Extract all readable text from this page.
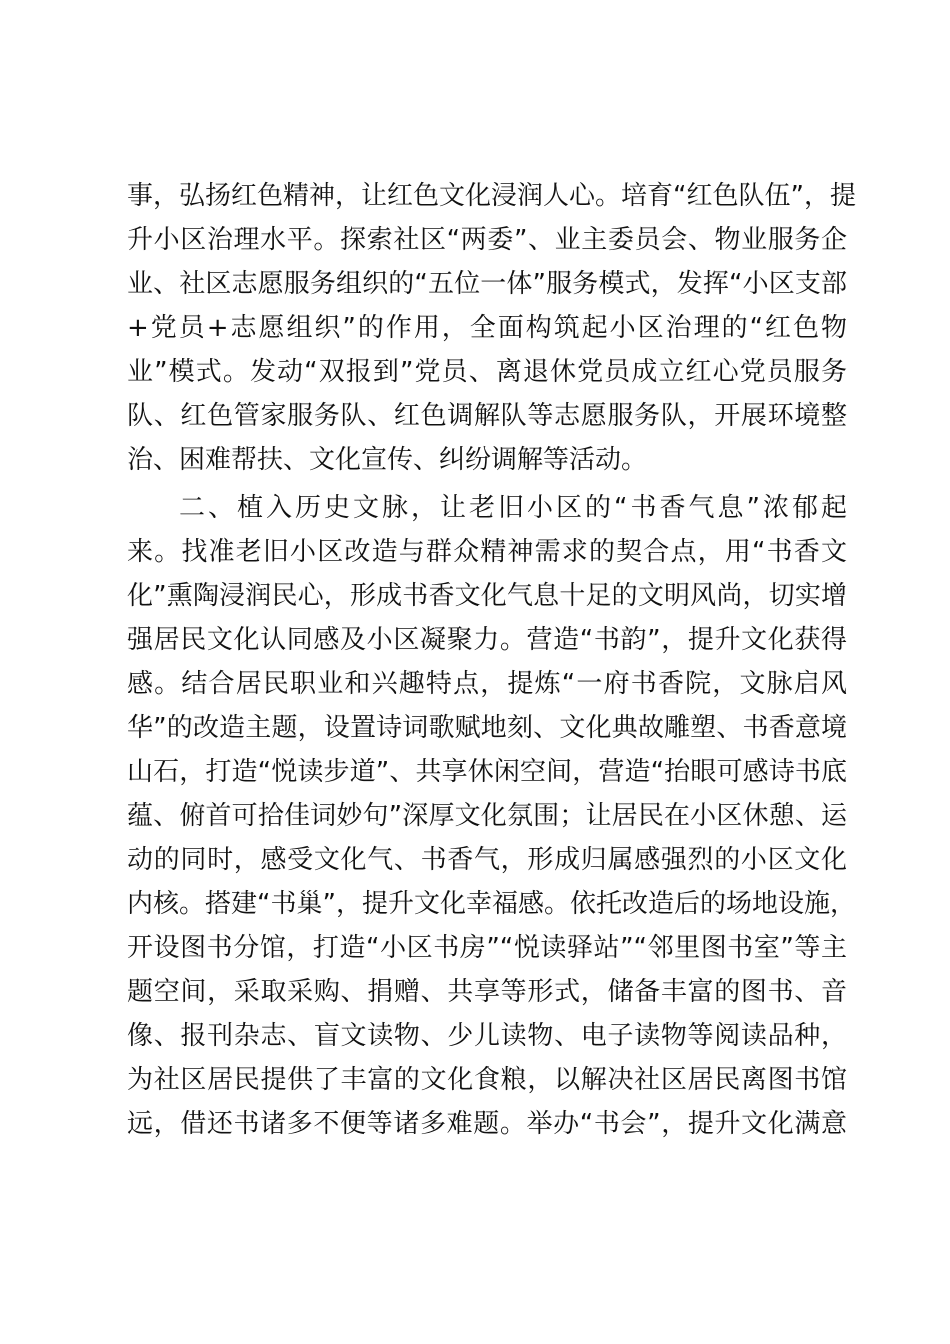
事，弘扬红色精神，让红色文化浸润人心。培育“红色队伍”，提
升小区治理水平。探索社区“两委”、业主委员会、物业服务企
业、社区志愿服务组织的“五位一体”服务模式，发挥“小区支部
+党员+志愿组织”的作用，全面构筑起小区治理的“红色物
业”模式。发动“双报到”党员、离退休党员成立红心党员服务
队、红色管家服务队、红色调解队等志愿服务队，开展环境整
治、困难帮扶、文化宣传、纠纷调解等活动。
二、植入历史文脉，让老旧小区的“书香气息”浓郁起
来。找准老旧小区改造与群众精神需求的契合点，用“书香文
化”熏陶浸润民心，形成书香文化气息十足的文明风尚，切实增
强居民文化认同感及小区凝聚力。营造“书韵”，提升文化获得
感。结合居民职业和兴趣特点，提炼“一府书香院，文脉启风
华”的改造主题，设置诗词歌赋地刻、文化典故雕塑、书香意境
山石，打造“悦读步道”、共享休闲空间，营造“抬眼可感诗书底
蕴、俯首可拾佳词妙句”深厚文化氛围；让居民在小区休憩、运
动的同时，感受文化气、书香气，形成归属感强烈的小区文化
内核。搭建“书巢”，提升文化幸福感。依托改造后的场地设施，
开设图书分馆，打造“小区书房”“悦读驿站”“邻里图书室”等主
题空间，采取采购、捐赠、共享等形式，储备丰富的图书、音
像、报刊杂志、盲文读物、少儿读物、电子读物等阅读品种，
为社区居民提供了丰富的文化食粮，以解决社区居民离图书馆
远，借还书诸多不便等诸多难题。举办“书会”，提升文化满意
